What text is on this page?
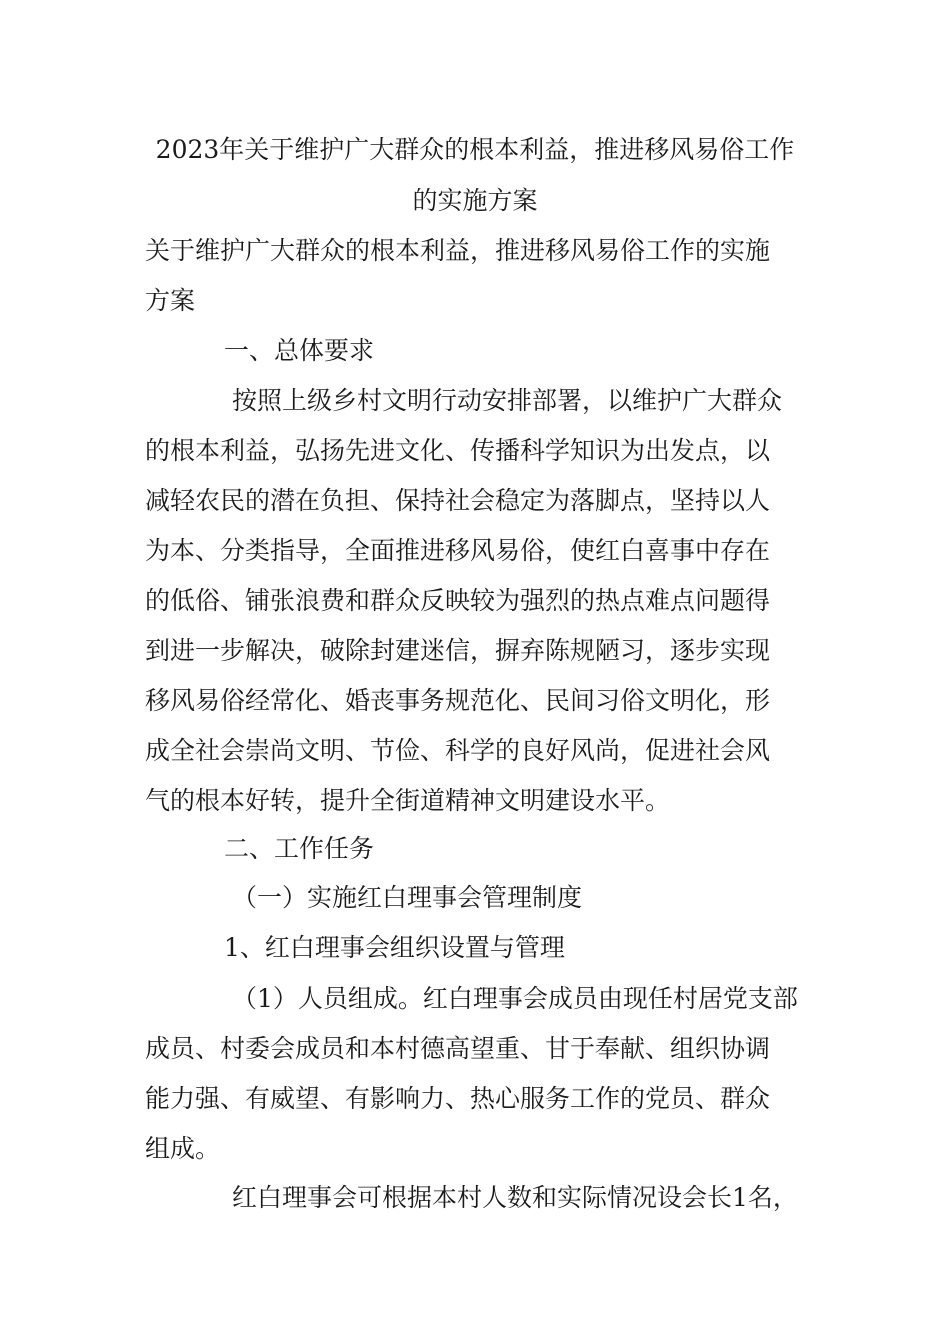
2023年关于维护广大群众的根本利益，推进移风易俗工作
的实施方案

关于维护广大群众的根本利益，推进移风易俗工作的实施

方案

一、总体要求

按照上级乡村文明行动安排部署，以维护广大群众

的根本利益，弘扬先进文化、传播科学知识为出发点，以

减轻农民的潜在负担、保持社会稳定为落脚点，坚持以人

为本、分类指导，全面推进移风易俗，使红白喜事中存在

的低俗、铺张浪费和群众反映较为强烈的热点难点问题得

到进一步解决，破除封建迷信，摒弃陈规陋习，逐步实现

移风易俗经常化、婚丧事务规范化、民间习俗文明化，形

成全社会崇尚文明、节俭、科学的良好风尚，促进社会风

气的根本好转，提升全街道精神文明建设水平。

二、工作任务

（一）实施红白理事会管理制度

1、红白理事会组织设置与管理

（1）人员组成。红白理事会成员由现任村居党支部

成员、村委会成员和本村德高望重、甘于奉献、组织协调

能力强、有威望、有影响力、热心服务工作的党员、群众

组成。

红白理事会可根据本村人数和实际情况设会长1名，
